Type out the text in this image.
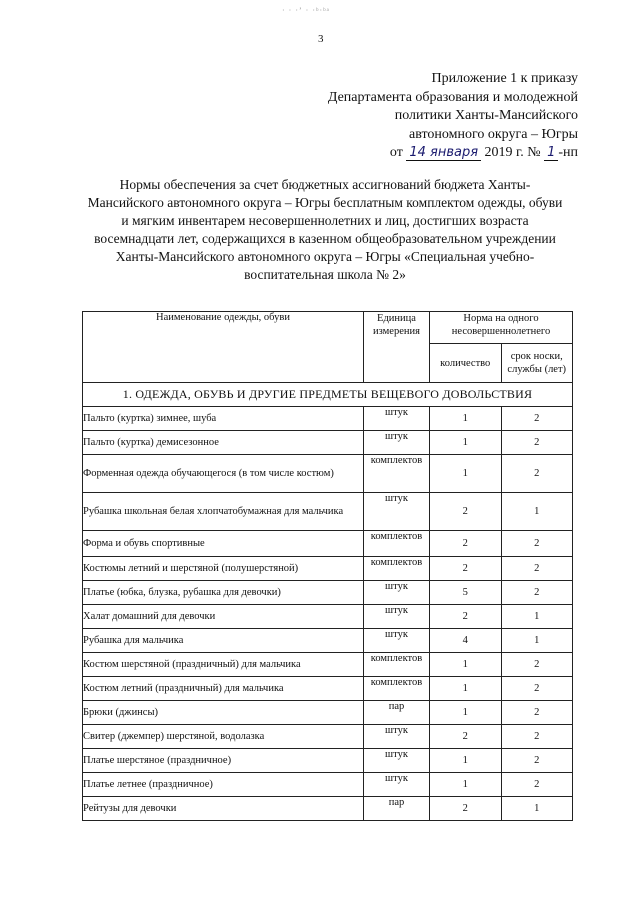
· · ·ʼ · ·ᵇ·ᵇᵃ
3
Приложение 1 к приказу
Департамента образования и молодежной
политики Ханты-Мансийского
автономного округа – Югры
от 14 января 2019 г. № 1 -нп
Нормы обеспечения за счет бюджетных ассигнований бюджета Ханты-Мансийского автономного округа – Югры бесплатным комплектом одежды, обуви и мягким инвентарем несовершеннолетних и лиц, достигших возраста восемнадцати лет, содержащихся в казенном общеобразовательном учреждении Ханты-Мансийского автономного округа – Югры «Специальная учебно-воспитательная школа № 2»
Наименование одежды, обуви	Единица измерения	Норма на одного несовершеннолетнего	
		количество	срок носки, службы (лет)
1. ОДЕЖДА, ОБУВЬ И ДРУГИЕ ПРЕДМЕТЫ ВЕЩЕВОГО ДОВОЛЬСТВИЯ			
Пальто (куртка) зимнее, шуба	штук	1	2
Пальто (куртка) демисезонное	штук	1	2
Форменная одежда обучающегося (в том числе костюм)	комплектов	1	2
Рубашка школьная белая хлопчатобумажная для мальчика	штук	2	1
Форма и обувь спортивные	комплектов	2	2
Костюмы летний и шерстяной (полушерстяной)	комплектов	2	2
Платье (юбка, блузка, рубашка для девочки)	штук	5	2
Халат домашний для девочки	штук	2	1
Рубашка для мальчика	штук	4	1
Костюм шерстяной (праздничный) для мальчика	комплектов	1	2
Костюм летний (праздничный) для мальчика	комплектов	1	2
Брюки (джинсы)	пар	1	2
Свитер (джемпер) шерстяной, водолазка	штук	2	2
Платье шерстяное (праздничное)	штук	1	2
Платье летнее (праздничное)	штук	1	2
Рейтузы для девочки	пар	2	1
